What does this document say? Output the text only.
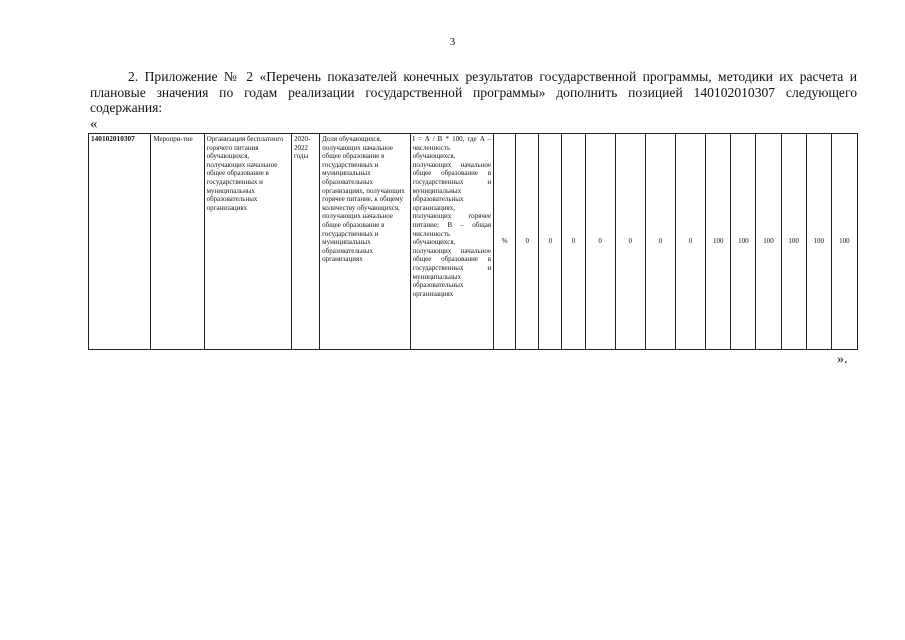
3
2. Приложение № 2 «Перечень показателей конечных результатов государственной программы, методики их расчета и плановые значения по годам реализации государственной программы» дополнить позицией 140102010307 следующего содержания:
«
140102010307	Меропри-тие	Организация бесплатного горячего питания обучающихся, получающих начальное общее образование в государственных и муниципальных образовательных организациях	2020-2022 годы	Доля обучающихся, получающих начальное общее образование в государственных и муниципальных образовательных организациях, получающих горячее питание, к общему количеству обучающихся, получающих начальное общее образование в государственных и муниципальных образовательных организациях	I = A / B * 100, где A – численность обучающихся, получающих начальное общее образование в государственных и муниципальных образовательных организациях, получающих горячее питание; B – общая численность обучающихся, получающих начальное общее образование в государственных и муниципальных образовательных организациях	%	0	0	0	0	0	0	0	100	100	100	100	100	100
».
